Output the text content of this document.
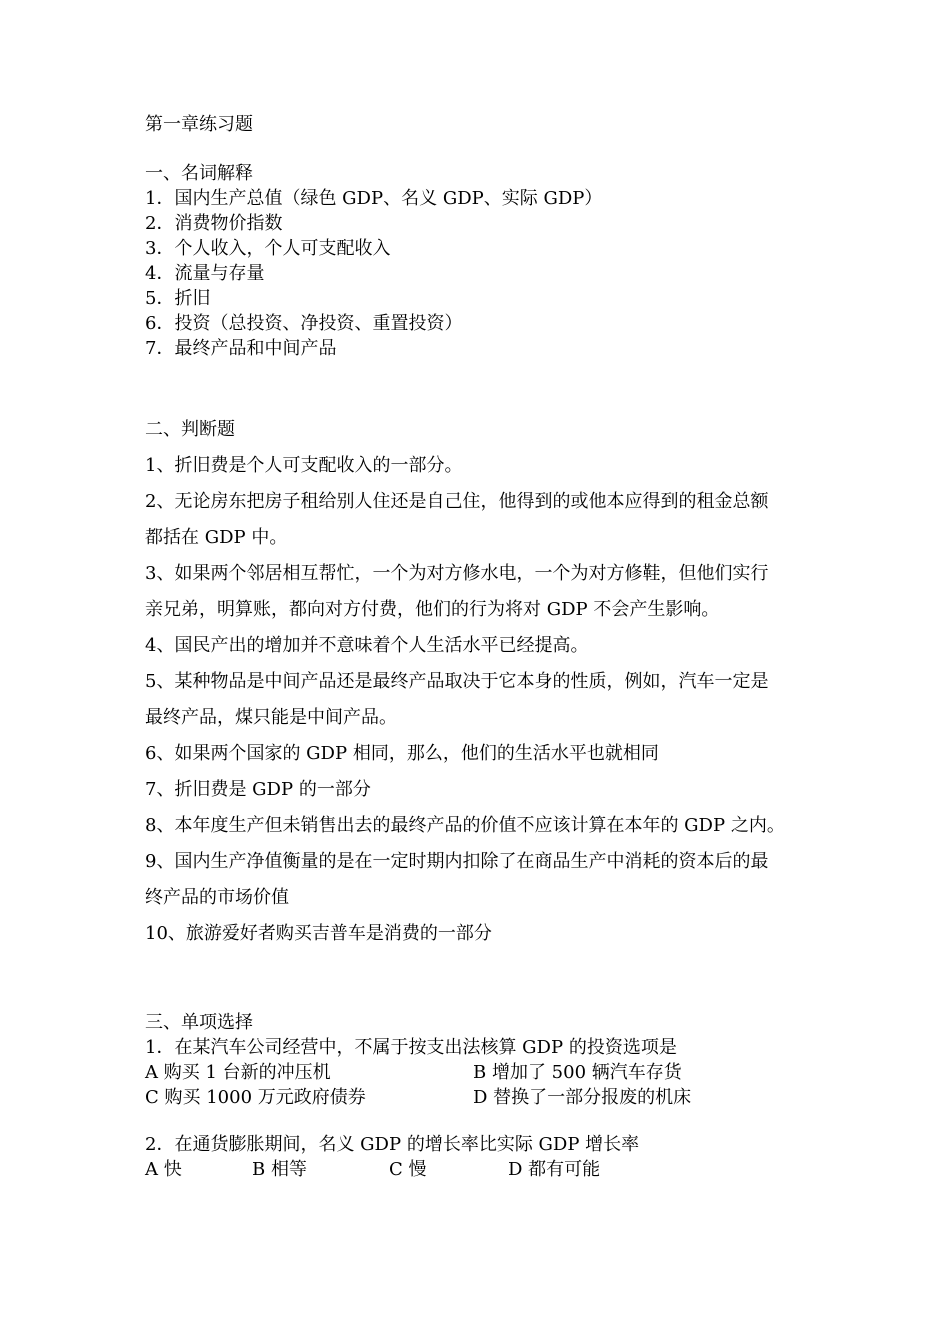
第一章练习题
一、名词解释
1．国内生产总值（绿色 GDP、名义 GDP、实际 GDP）
2．消费物价指数
3．个人收入，个人可支配收入
4．流量与存量
5．折旧
6．投资（总投资、净投资、重置投资）
7．最终产品和中间产品
二、判断题
1、折旧费是个人可支配收入的一部分。
2、无论房东把房子租给别人住还是自己住，他得到的或他本应得到的租金总额
都括在 GDP 中。
3、如果两个邻居相互帮忙，一个为对方修水电，一个为对方修鞋，但他们实行
亲兄弟，明算账，都向对方付费，他们的行为将对 GDP 不会产生影响。
4、国民产出的增加并不意味着个人生活水平已经提高。
5、某种物品是中间产品还是最终产品取决于它本身的性质，例如，汽车一定是
最终产品，煤只能是中间产品。
6、如果两个国家的 GDP 相同，那么，他们的生活水平也就相同
7、折旧费是 GDP 的一部分
8、本年度生产但未销售出去的最终产品的价值不应该计算在本年的 GDP 之内。
9、国内生产净值衡量的是在一定时期内扣除了在商品生产中消耗的资本后的最
终产品的市场价值
10、旅游爱好者购买吉普车是消费的一部分
三、单项选择
1．在某汽车公司经营中，不属于按支出法核算 GDP 的投资选项是
A 购买 1 台新的冲压机	B 增加了 500 辆汽车存货
C 购买 1000 万元政府债券	D 替换了一部分报废的机床
2．在通货膨胀期间，名义 GDP 的增长率比实际 GDP 增长率
A 快	B 相等	C 慢	D 都有可能
